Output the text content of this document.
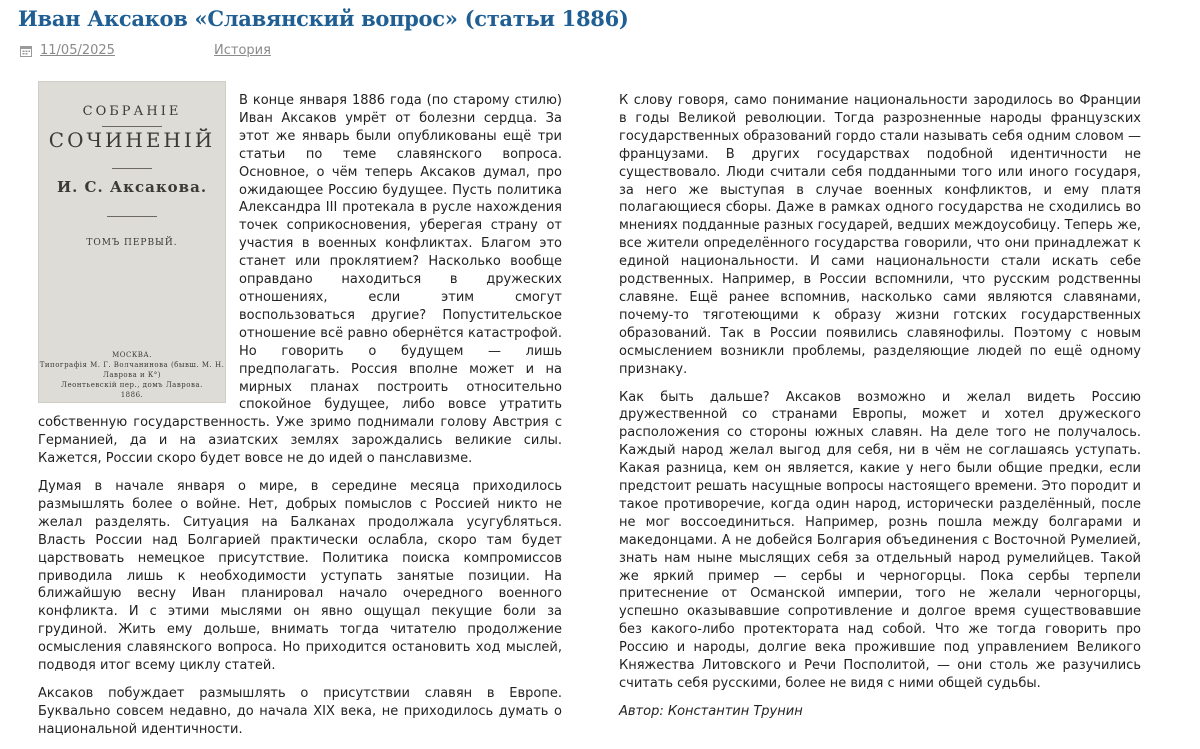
Иван Аксаков «Славянский вопрос» (статьи 1886)
11/05/2025	История
СОБРАНІЕ
СОЧИНЕНІЙ
И. С. Аксакова.
ТОМЪ ПЕРВЫЙ.
МОСКВА.
Типографія М. Г. Волчанинова (бывш. М. Н. Лаврова и К°)
Леонтьевскій пер., домъ Лаврова.
1886.

В конце января 1886 года (по старому стилю) Иван Аксаков умрёт от болезни сердца. За этот же январь были опубликованы ещё три статьи по теме славянского вопроса. Основное, о чём теперь Аксаков думал, про ожидающее Россию будущее. Пусть политика Александра III протекала в русле нахождения точек соприкосновения, уберегая страну от участия в военных конфликтах. Благом это станет или проклятием? Насколько вообще оправдано находиться в дружеских отношениях, если этим смогут воспользоваться другие? Попустительское отношение всё равно обернётся катастрофой. Но говорить о будущем — лишь предполагать. Россия вполне может и на мирных планах построить относительно спокойное будущее, либо вовсе утратить собственную государственность. Уже зримо поднимали голову Австрия с Германией, да и на азиатских землях зарождались великие силы. Кажется, России скоро будет вовсе не до идей о панславизме.

Думая в начале января о мире, в середине месяца приходилось размышлять более о войне. Нет, добрых помыслов с Россией никто не желал разделять. Ситуация на Балканах продолжала усугубляться. Власть России над Болгарией практически ослабла, скоро там будет царствовать немецкое присутствие. Политика поиска компромиссов приводила лишь к необходимости уступать занятые позиции. На ближайшую весну Иван планировал начало очередного военного конфликта. И с этими мыслями он явно ощущал пекущие боли за грудиной. Жить ему дольше, внимать тогда читателю продолжение осмысления славянского вопроса. Но приходится остановить ход мыслей, подводя итог всему циклу статей.

Аксаков побуждает размышлять о присутствии славян в Европе. Буквально совсем недавно, до начала XIX века, не приходилось думать о национальной идентичности.

К слову говоря, само понимание национальности зародилось во Франции в годы Великой революции. Тогда разрозненные народы французских государственных образований гордо стали называть себя одним словом — французами. В других государствах подобной идентичности не существовало. Люди считали себя подданными того или иного государя, за него же выступая в случае военных конфликтов, и ему платя полагающиеся сборы. Даже в рамках одного государства не сходились во мнениях подданные разных государей, ведших междоусобицу. Теперь же, все жители определённого государства говорили, что они принадлежат к единой национальности. И сами национальности стали искать себе родственных. Например, в России вспомнили, что русским родственны славяне. Ещё ранее вспомнив, насколько сами являются славянами, почему-то тяготеющими к образу жизни готских государственных образований. Так в России появились славянофилы. Поэтому с новым осмыслением возникли проблемы, разделяющие людей по ещё одному признаку.

Как быть дальше? Аксаков возможно и желал видеть Россию дружественной со странами Европы, может и хотел дружеского расположения со стороны южных славян. На деле того не получалось. Каждый народ желал выгод для себя, ни в чём не соглашаясь уступать. Какая разница, кем он является, какие у него были общие предки, если предстоит решать насущные вопросы настоящего времени. Это породит и такое противоречие, когда один народ, исторически разделённый, после не мог воссоединиться. Например, рознь пошла между болгарами и македонцами. А не добейся Болгария объединения с Восточной Румелией, знать нам ныне мыслящих себя за отдельный народ румелийцев. Такой же яркий пример — сербы и черногорцы. Пока сербы терпели притеснение от Османской империи, того не желали черногорцы, успешно оказывавшие сопротивление и долгое время существовавшие без какого-либо протектората над собой. Что же тогда говорить про Россию и народы, долгие века прожившие под управлением Великого Княжества Литовского и Речи Посполитой, — они столь же разучились считать себя русскими, более не видя с ними общей судьбы.

Автор: Константин Трунин
